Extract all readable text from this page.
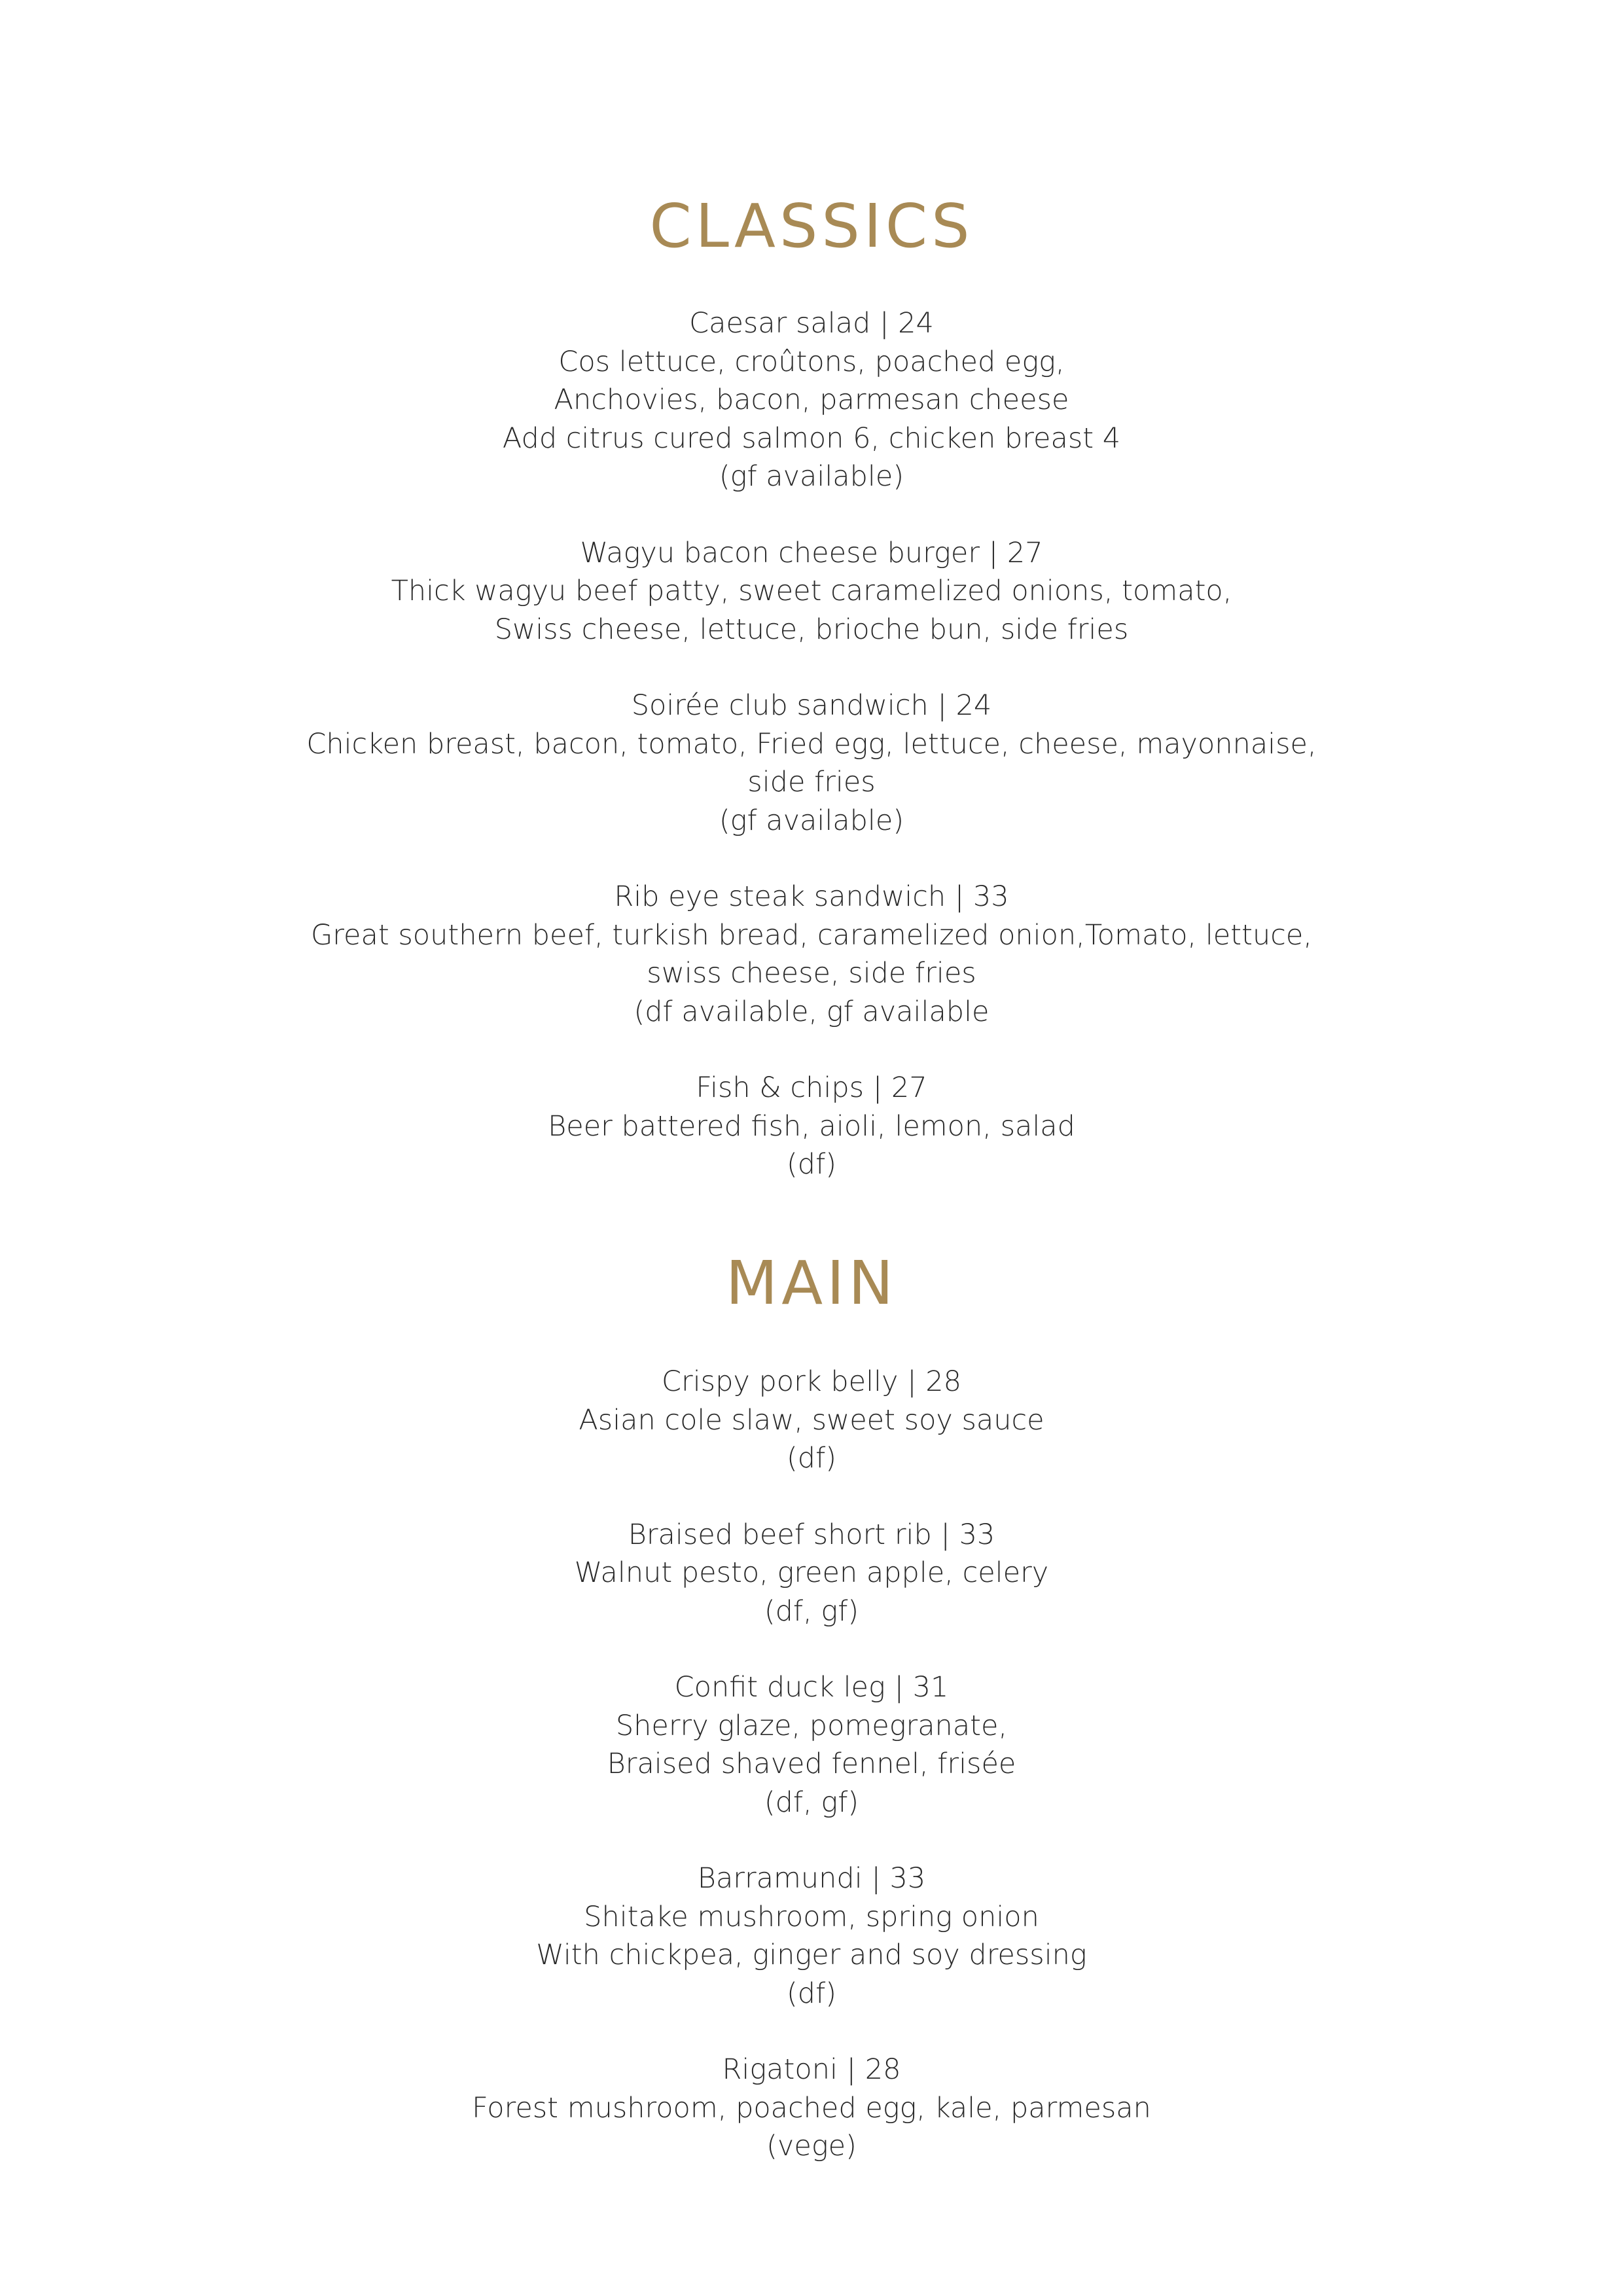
CLASSICS
Caesar salad | 24
Cos lettuce, croûtons, poached egg,
Anchovies, bacon, parmesan cheese
Add citrus cured salmon 6, chicken breast 4
(gf available)
Wagyu bacon cheese burger | 27
Thick wagyu beef patty, sweet caramelized onions, tomato,
Swiss cheese, lettuce, brioche bun, side fries
Soirée club sandwich | 24
Chicken breast, bacon, tomato, Fried egg, lettuce, cheese, mayonnaise,
side fries
(gf available)
Rib eye steak sandwich | 33
Great southern beef, turkish bread, caramelized onion,Tomato, lettuce,
swiss cheese, side fries
(df available, gf available
Fish & chips | 27
Beer battered fish, aioli, lemon, salad
(df)
MAIN
Crispy pork belly | 28
Asian cole slaw, sweet soy sauce
(df)
Braised beef short rib | 33
Walnut pesto, green apple, celery
(df, gf)
Confit duck leg | 31
Sherry glaze, pomegranate,
Braised shaved fennel, frisée
(df, gf)
Barramundi | 33
Shitake mushroom, spring onion
With chickpea, ginger and soy dressing
(df)
Rigatoni | 28
Forest mushroom, poached egg, kale, parmesan
(vege)
